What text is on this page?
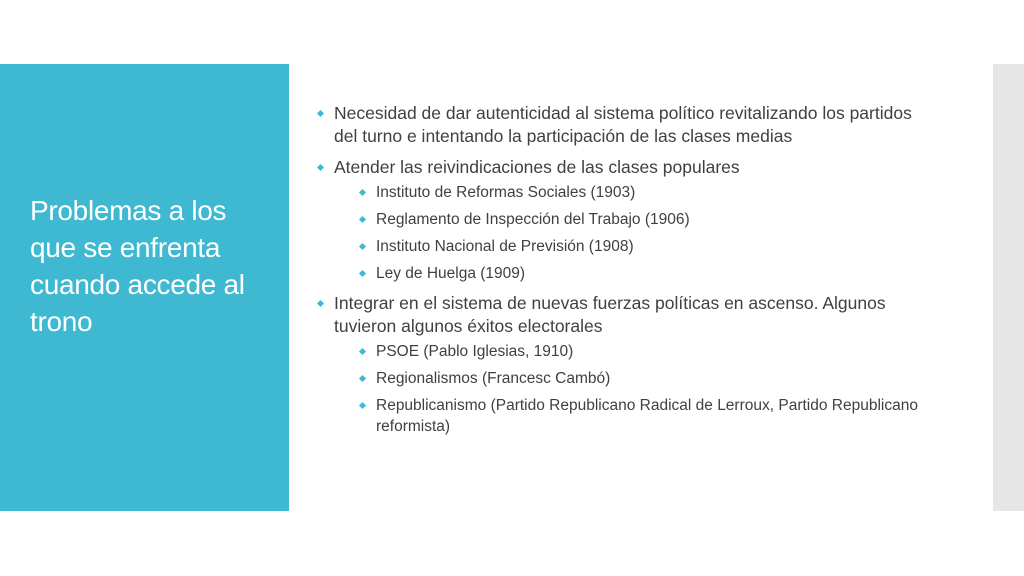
Problemas a los
que se enfrenta
cuando accede al
trono
Necesidad de dar autenticidad al sistema político revitalizando los partidos del turno e intentando la participación de las clases medias
Atender las reivindicaciones de las clases populares
Instituto de Reformas Sociales (1903)
Reglamento de Inspección del Trabajo (1906)
Instituto Nacional de Previsión (1908)
Ley de Huelga (1909)
Integrar en el sistema de nuevas fuerzas políticas en ascenso. Algunos tuvieron algunos éxitos electorales
PSOE (Pablo Iglesias, 1910)
Regionalismos (Francesc Cambó)
Republicanismo (Partido Republicano Radical de Lerroux, Partido Republicano reformista)
